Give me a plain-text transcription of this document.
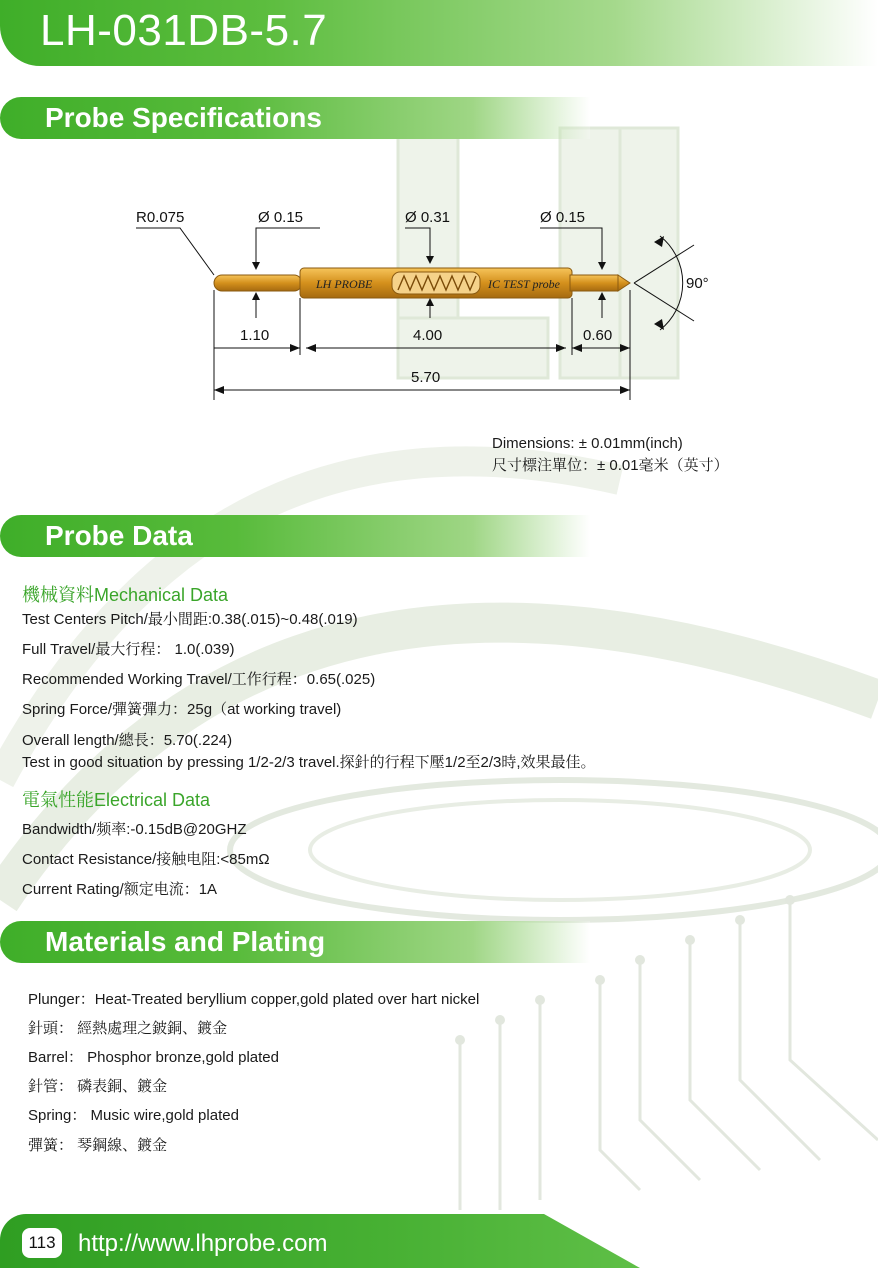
LH-031DB-5.7
Probe Specifications
LH PROBE	IC TEST probe
R0.075	Ø 0.15	Ø 0.31	Ø 0.15
90°
1.10	4.00	0.60
5.70
Dimensions: ± 0.01mm(inch)
尺寸標注單位：± 0.01毫米（英寸）
Probe Data
機械資料Mechanical Data
Test Centers Pitch/最小間距:0.38(.015)~0.48(.019)
Full Travel/最大行程： 1.0(.039)
Recommended Working Travel/工作行程：0.65(.025)
Spring Force/彈簧彈力：25g（at working travel)
Overall length/總長：5.70(.224)
Test in good situation by pressing 1/2-2/3 travel.探針的行程下壓1/2至2/3時,效果最佳。
電氣性能Electrical Data
Bandwidth/频率:-0.15dB@20GHZ
Contact Resistance/接触电阻:<85mΩ
Current Rating/额定电流：1A
Materials and Plating
Plunger：Heat-Treated beryllium copper,gold plated over hart nickel
針頭： 經熱處理之鈹銅、鍍金
Barrel： Phosphor bronze,gold plated
針管： 磷表銅、鍍金
Spring： Music wire,gold plated
彈簧： 琴鋼線、鍍金
113 http://www.lhprobe.com
